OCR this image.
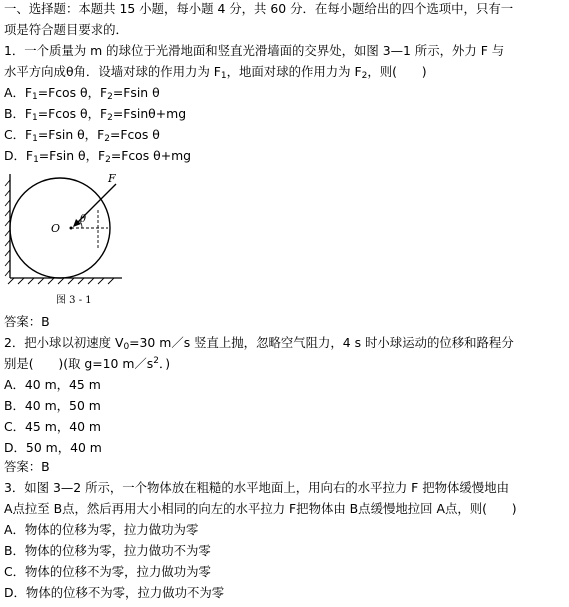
一、选择题：本题共 15 小题，每小题 4 分，共 60 分．在每小题给出的四个选项中，只有一
项是符合题目要求的．
1．一个质量为 m 的球位于光滑地面和竖直光滑墙面的交界处，如图 3—1 所示，外力 F 与
水平方向成θ角．设墙对球的作用力为 $F_1$，地面对球的作用力为 $F_2$，则(　　)
A．$F_1=Fcos$ θ，$F_2=Fsin$ θ
B．$F_1=Fcos$ θ，$F_2=Fsin\theta+mg$
C．$F_1=Fsin$ θ，$F_2=Fcos$ θ
D．$F_1=Fsin$ θ，$F_2=Fcos$ θ+mg
F
O
θ
图 3 - 1
答案：B
2．把小球以初速度 $V_0=30$ m／s 竖直上抛，忽略空气阻力，4 s 时小球运动的位移和路程分
别是(　　)(取 g=10 $m/s^2$．)
A．40 m，45 m
B．40 m，50 m
C．45 m，40 m
D．50 m，40 m
答案：B
3．如图 3—2 所示，一个物体放在粗糙的水平地面上，用向右的水平拉力 F 把物体缓慢地由
A点拉至 B点，然后再用大小相同的向左的水平拉力 F把物体由 B点缓慢地拉回 A点，则(　　)
A．物体的位移为零，拉力做功为零
B．物体的位移为零，拉力做功不为零
C．物体的位移不为零，拉力做功为零
D．物体的位移不为零，拉力做功不为零
